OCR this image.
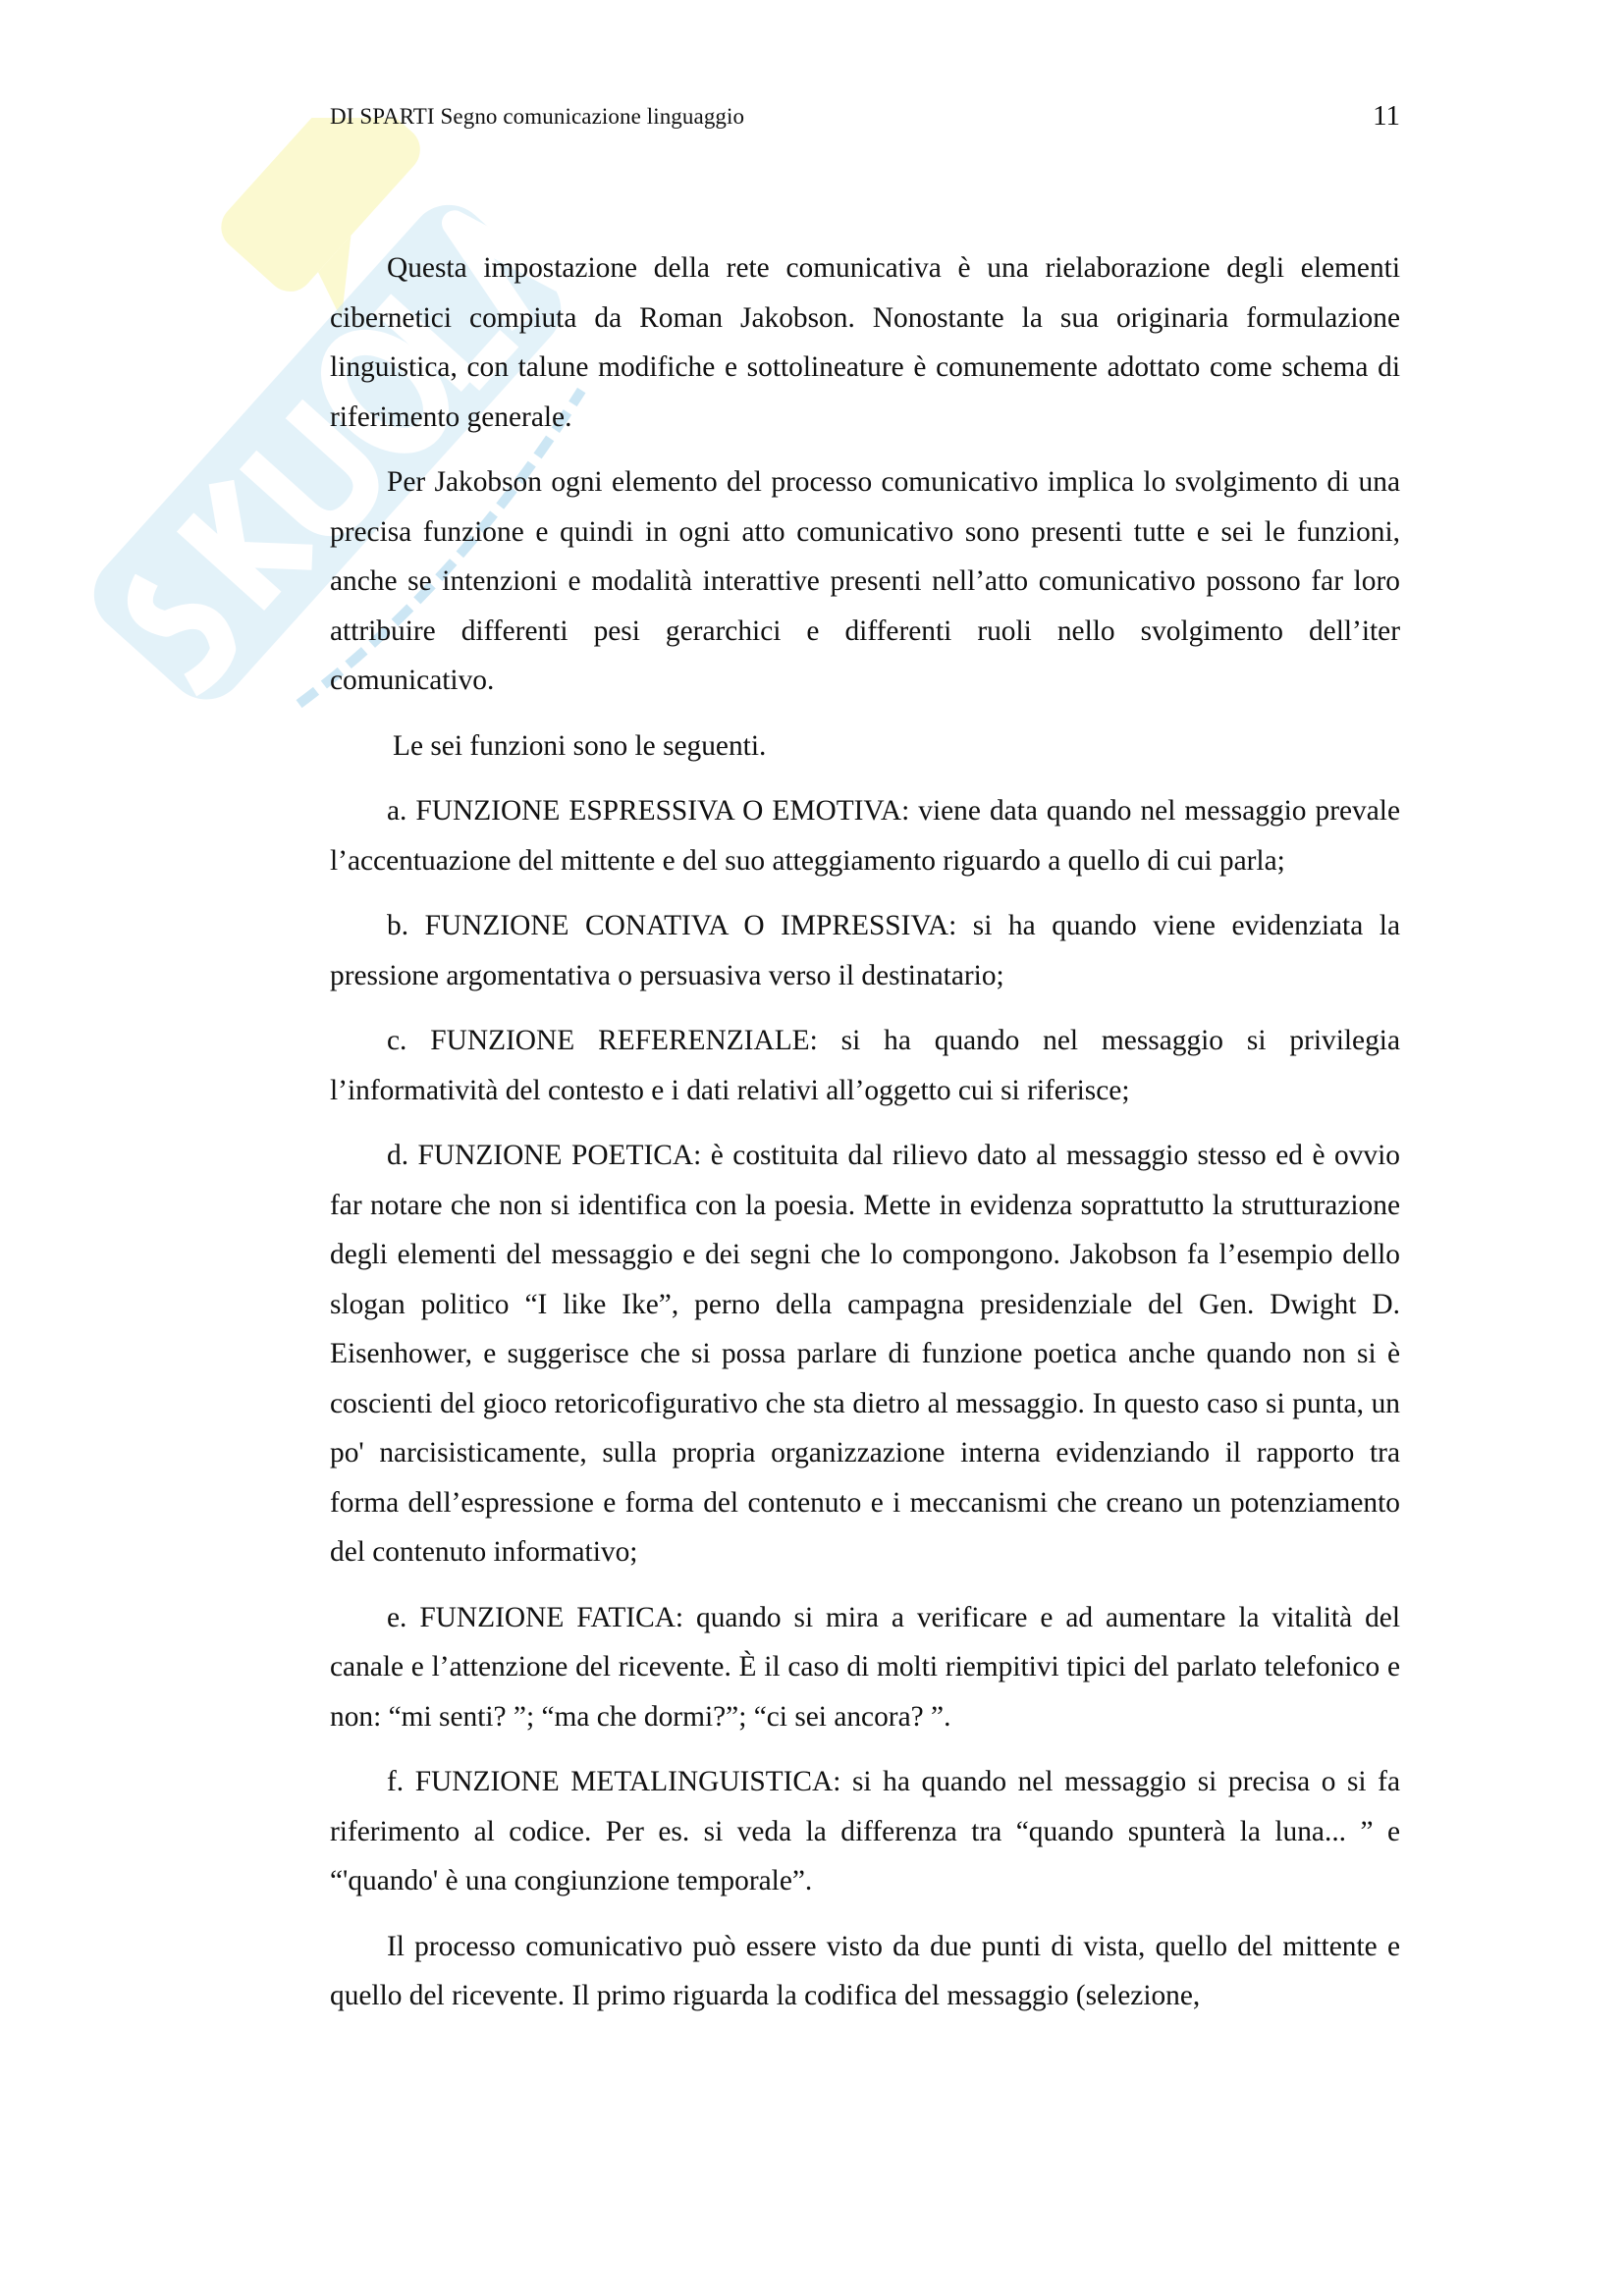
DI SPARTI Segno comunicazione linguaggio	11

Questa impostazione della rete comunicativa è una rielaborazione degli elementi cibernetici compiuta da Roman Jakobson. Nonostante la sua originaria formulazione linguistica, con talune modifiche e sottolineature è comunemente adottato come schema di riferimento generale.

Per Jakobson ogni elemento del processo comunicativo implica lo svolgimento di una precisa funzione e quindi in ogni atto comunicativo sono presenti tutte e sei le funzioni, anche se intenzioni e modalità interattive presenti nell’atto comunicativo possono far loro attribuire differenti pesi gerarchici e differenti ruoli nello svolgimento dell’iter comunicativo.

Le sei funzioni sono le seguenti.

a. FUNZIONE ESPRESSIVA O EMOTIVA: viene data quando nel messaggio prevale l’accentuazione del mittente e del suo atteggiamento riguardo a quello di cui parla;

b. FUNZIONE CONATIVA O IMPRESSIVA: si ha quando viene evidenziata la pressione argomentativa o persuasiva verso il destinatario;

c. FUNZIONE REFERENZIALE: si ha quando nel messaggio si privilegia l’informatività del contesto e i dati relativi all’oggetto cui si riferisce;

d. FUNZIONE POETICA: è costituita dal rilievo dato al messaggio stesso ed è ovvio far notare che non si identifica con la poesia. Mette in evidenza soprattutto la strutturazione degli elementi del messaggio e dei segni che lo compongono. Jakobson fa l’esempio dello slogan politico “I like Ike”, perno della campagna presidenziale del Gen. Dwight D. Eisenhower, e suggerisce che si possa parlare di funzione poetica anche quando non si è coscienti del gioco retoricofigurativo che sta dietro al messaggio. In questo caso si punta, un po' narcisisticamente, sulla propria organizzazione interna evidenziando il rapporto tra forma dell’espressione e forma del contenuto e i meccanismi che creano un potenziamento del contenuto informativo;

e. FUNZIONE FATICA: quando si mira a verificare e ad aumentare la vitalità del canale e l’attenzione del ricevente. È il caso di molti riempitivi tipici del parlato telefonico e non: “mi senti? ”; “ma che dormi?”; “ci sei ancora? ”.

f. FUNZIONE METALINGUISTICA: si ha quando nel messaggio si precisa o si fa riferimento al codice. Per es. si veda la differenza tra “quando spunterà la luna... ” e “'quando' è una congiunzione temporale”.

Il processo comunicativo può essere visto da due punti di vista, quello del mittente e quello del ricevente. Il primo riguarda la codifica del messaggio (selezione,
